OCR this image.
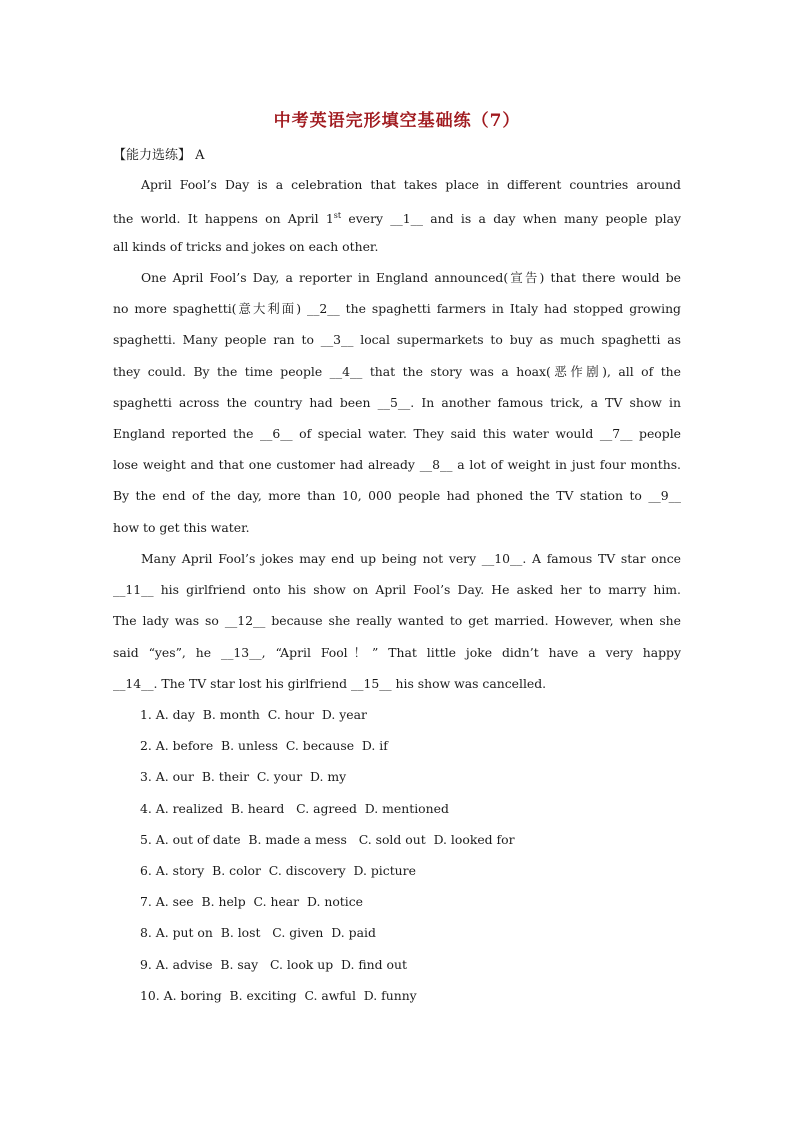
中考英语完形填空基础练（7）
【能力选练】 A
April Fool’s Day is a celebration that takes place in different countries around
the world. It happens on April 1st every __1__ and is a day when many people play
all kinds of tricks and jokes on each other.
One April Fool’s Day, a reporter in England announced(宣告) that there would be
no more spaghetti(意大利面) __2__ the spaghetti farmers in Italy had stopped growing
spaghetti. Many people ran to __3__ local supermarkets to buy as much spaghetti as
they could. By the time people __4__ that the story was a hoax(恶作剧), all of the
spaghetti across the country had been __5__. In another famous trick, a TV show in
England reported the __6__ of special water. They said this water would __7__ people
lose weight and that one customer had already __8__ a lot of weight in just four months.
By the end of the day, more than 10, 000 people had phoned the TV station to __9__
how to get this water.
Many April Fool’s jokes may end up being not very __10__. A famous TV star once
__11__ his girlfriend onto his show on April Fool’s Day. He asked her to marry him.
The lady was so __12__ because she really wanted to get married. However, when she
said “yes”, he __13__, “April Fool！” That little joke didn’t have a very happy
__14__. The TV star lost his girlfriend __15__ his show was cancelled.
1. A. day  B. month  C. hour  D. year
2. A. before  B. unless  C. because  D. if
3. A. our  B. their  C. your  D. my
4. A. realized  B. heard   C. agreed  D. mentioned
5. A. out of date  B. made a mess   C. sold out  D. looked for
6. A. story  B. color  C. discovery  D. picture
7. A. see  B. help  C. hear  D. notice
8. A. put on  B. lost   C. given  D. paid
9. A. advise  B. say   C. look up  D. find out
10. A. boring  B. exciting  C. awful  D. funny
